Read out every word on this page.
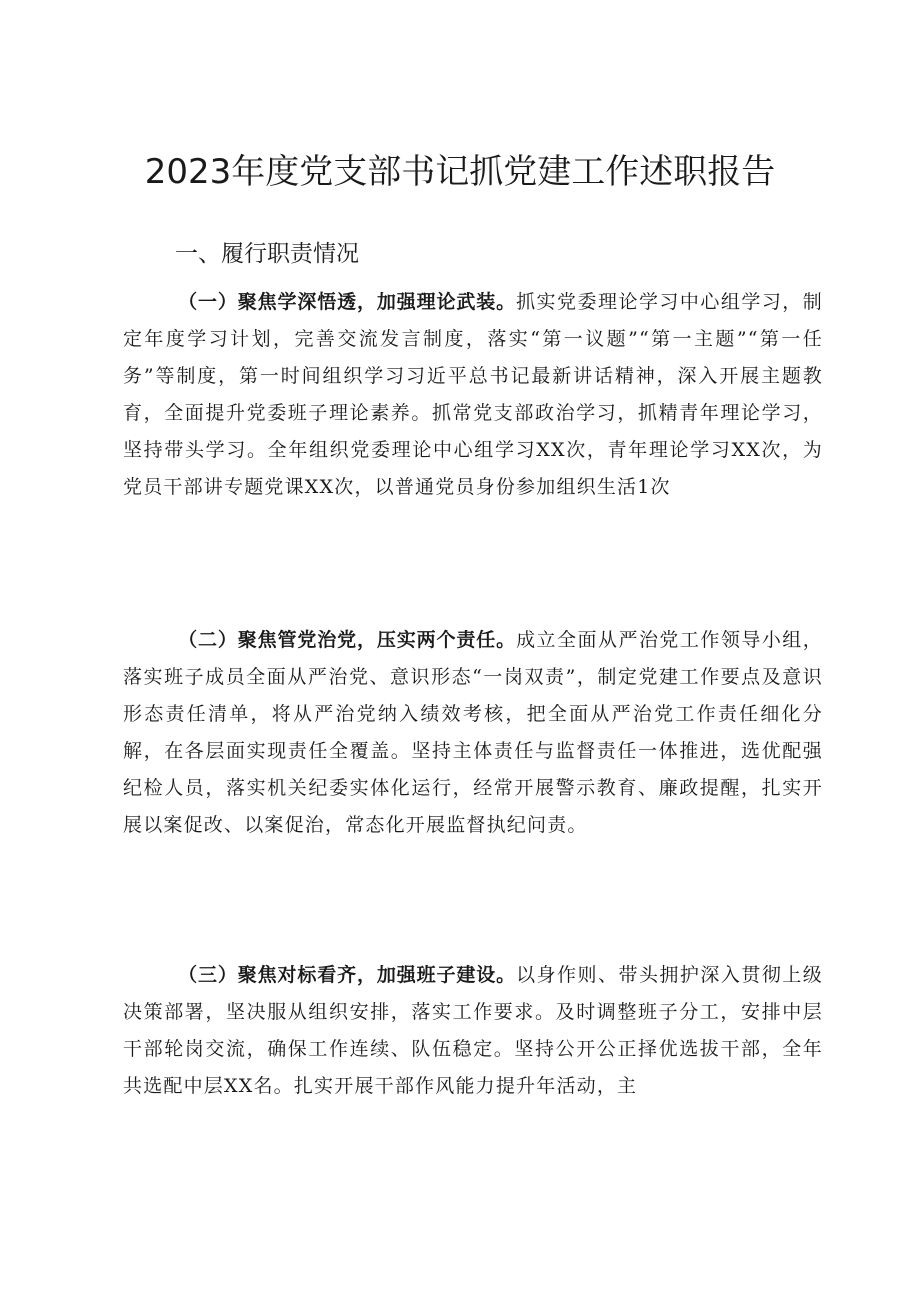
2023年度党支部书记抓党建工作述职报告
一、履行职责情况

（一）聚焦学深悟透，加强理论武装。抓实党委理论学习中心组学习，制定年度学习计划，完善交流发言制度，落实“第一议题”“第一主题”“第一任务”等制度，第一时间组织学习习近平总书记最新讲话精神，深入开展主题教育，全面提升党委班子理论素养。抓常党支部政治学习，抓精青年理论学习，坚持带头学习。全年组织党委理论中心组学习XX次，青年理论学习XX次，为党员干部讲专题党课XX次，以普通党员身份参加组织生活1次

（二）聚焦管党治党，压实两个责任。成立全面从严治党工作领导小组，落实班子成员全面从严治党、意识形态“一岗双责”，制定党建工作要点及意识形态责任清单，将从严治党纳入绩效考核，把全面从严治党工作责任细化分解，在各层面实现责任全覆盖。坚持主体责任与监督责任一体推进，选优配强纪检人员，落实机关纪委实体化运行，经常开展警示教育、廉政提醒，扎实开展以案促改、以案促治，常态化开展监督执纪问责。

（三）聚焦对标看齐，加强班子建设。以身作则、带头拥护深入贯彻上级决策部署，坚决服从组织安排，落实工作要求。及时调整班子分工，安排中层干部轮岗交流，确保工作连续、队伍稳定。坚持公开公正择优选拔干部，全年共选配中层XX名。扎实开展干部作风能力提升年活动，主
